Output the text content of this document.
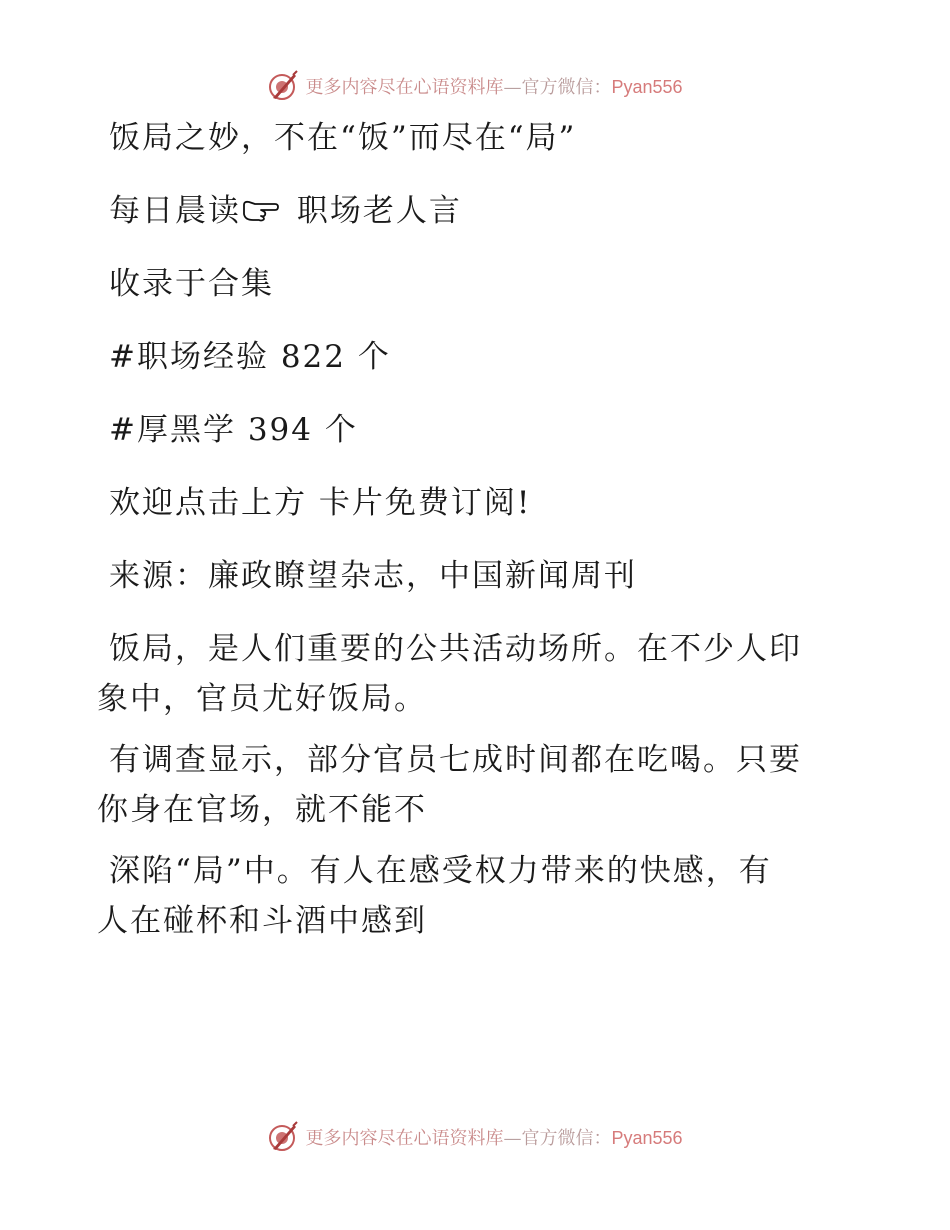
更多内容尽在心语资料库—官方微信：Pyan556

饭局之妙，不在“饭”而尽在“局”

每日晨读 职场老人言

收录于合集

#职场经验 822 个

#厚黑学 394 个

欢迎点击上方 卡片免费订阅!

来源：廉政瞭望杂志，中国新闻周刊

饭局，是人们重要的公共活动场所。在不少人印
象中，官员尤好饭局。
有调查显示，部分官员七成时间都在吃喝。只要
你身在官场，就不能不
深陷“局”中。有人在感受权力带来的快感，有
人在碰杯和斗酒中感到
更多内容尽在心语资料库—官方微信：Pyan556
